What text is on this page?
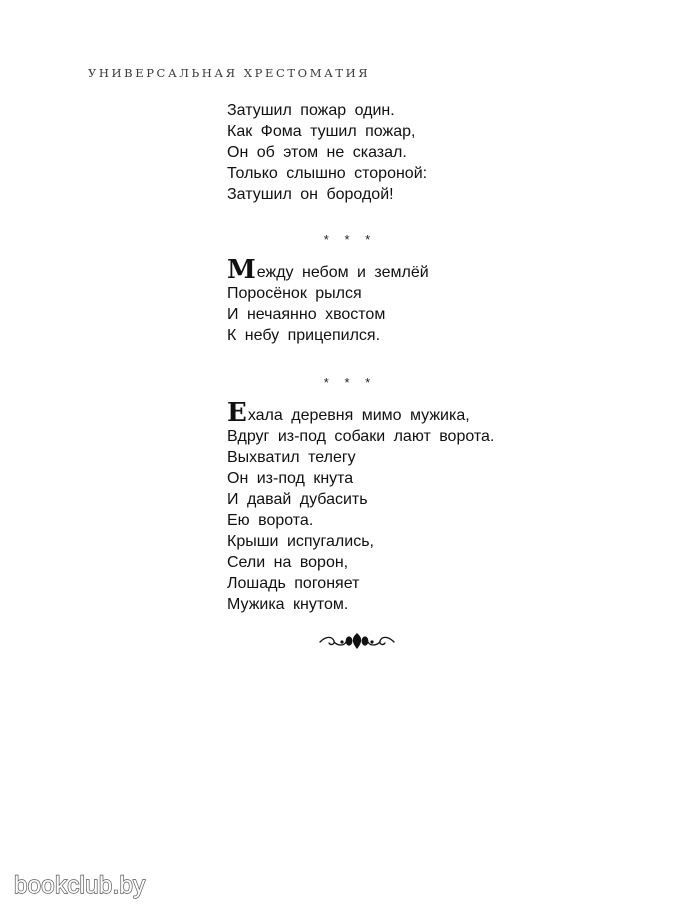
УНИВЕРСАЛЬНАЯ ХРЕСТОМАТИЯ
Затушил пожар один.
Как Фома тушил пожар,
Он об этом не сказал.
Только слышно стороной:
Затушил он бородой!
* * *
Между небом и землёй
Поросёнок рылся
И нечаянно хвостом
К небу прицепился.
* * *
Ехала деревня мимо мужика,
Вдруг из-под собаки лают ворота.
Выхватил телегу
Он из-под кнута
И давай дубасить
Ею ворота.
Крыши испугались,
Сели на ворон,
Лошадь погоняет
Мужика кнутом.
bookclub.by
